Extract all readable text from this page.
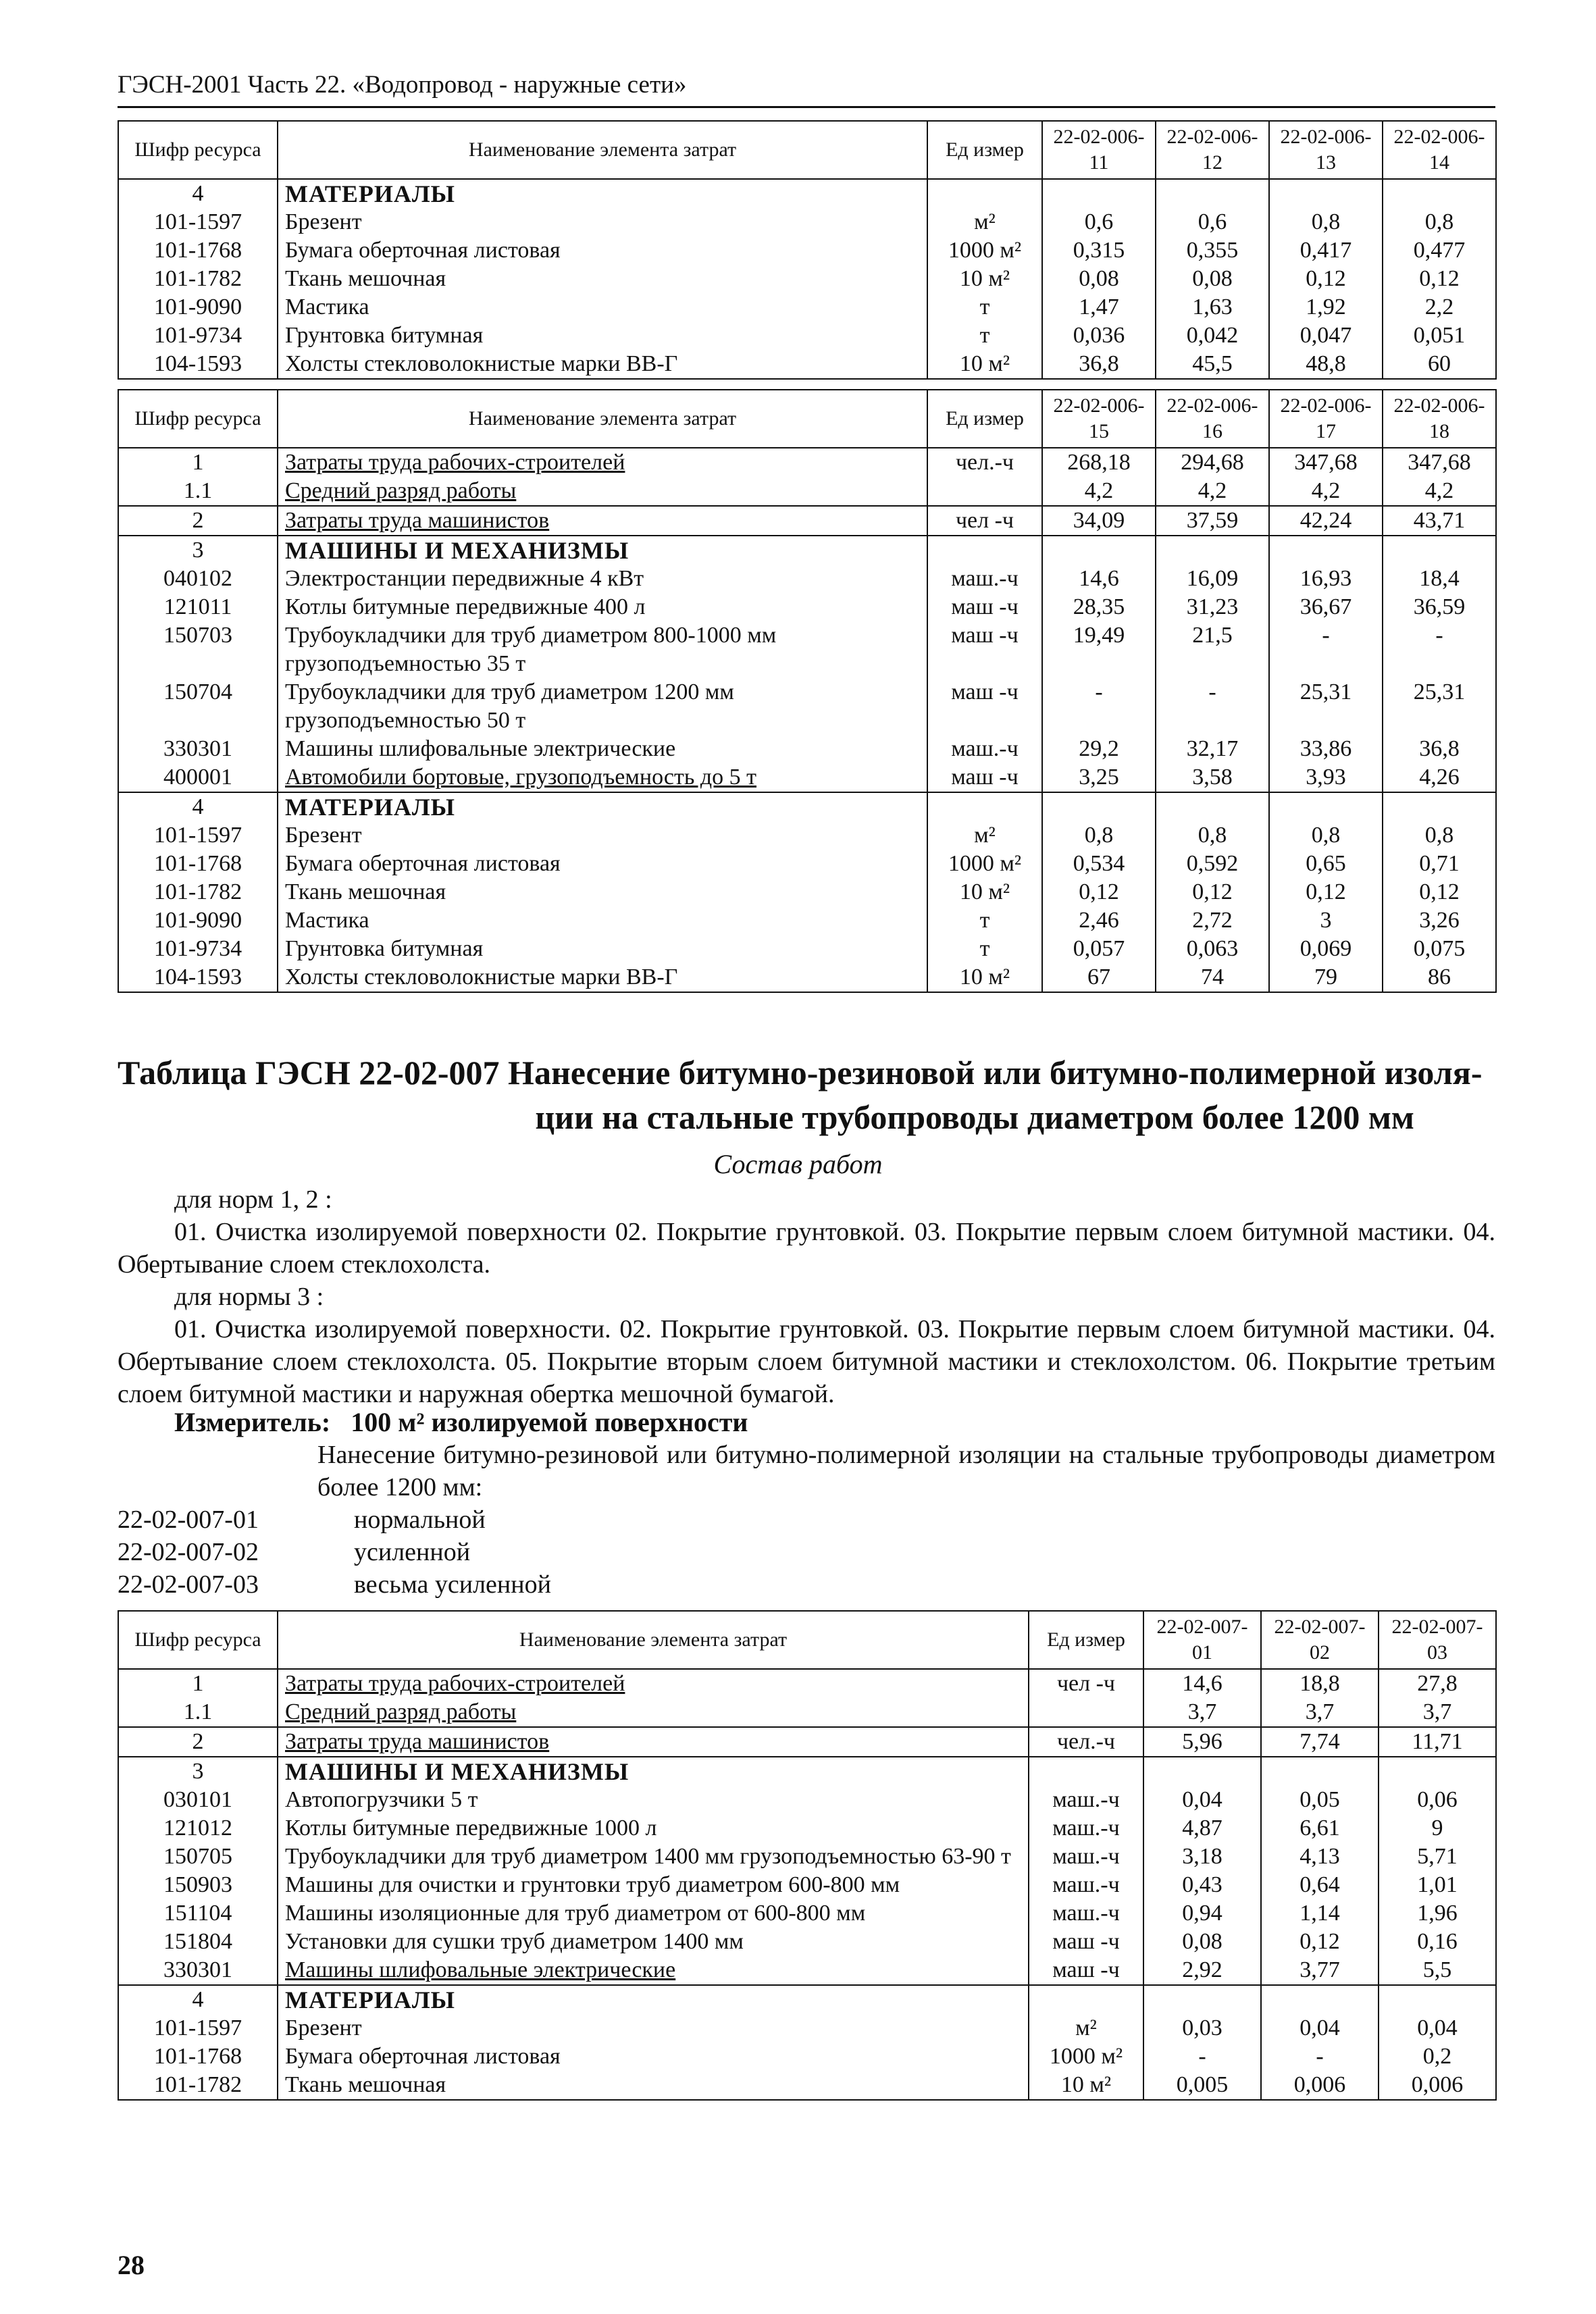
ГЭСН-2001 Часть 22. «Водопровод - наружные сети»
Шифр ресурса	Наименование элемента затрат	Ед измер	22-02-006-11	22-02-006-12	22-02-006-13	22-02-006-14
4	МАТЕРИАЛЫ					
101-1597	Брезент	м²	0,6	0,6	0,8	0,8
101-1768	Бумага оберточная листовая	1000 м²	0,315	0,355	0,417	0,477
101-1782	Ткань мешочная	10 м²	0,08	0,08	0,12	0,12
101-9090	Мастика	т	1,47	1,63	1,92	2,2
101-9734	Грунтовка битумная	т	0,036	0,042	0,047	0,051
104-1593	Холсты стекловолокнистые марки ВВ-Г	10 м²	36,8	45,5	48,8	60
Шифр ресурса	Наименование элемента затрат	Ед измер	22-02-006-15	22-02-006-16	22-02-006-17	22-02-006-18
1	Затраты труда рабочих-строителей	чел.-ч	268,18	294,68	347,68	347,68
1.1	Средний разряд работы		4,2	4,2	4,2	4,2
2	Затраты труда машинистов	чел -ч	34,09	37,59	42,24	43,71
3	МАШИНЫ И МЕХАНИЗМЫ					
040102	Электростанции передвижные 4 кВт	маш.-ч	14,6	16,09	16,93	18,4
121011	Котлы битумные передвижные 400 л	маш -ч	28,35	31,23	36,67	36,59
150703	Трубоукладчики для труб диаметром 800-1000 мм грузоподъемностью 35 т	маш -ч	19,49	21,5	-	-
150704	Трубоукладчики для труб диаметром 1200 мм грузоподъемностью 50 т	маш -ч	-	-	25,31	25,31
330301	Машины шлифовальные электрические	маш.-ч	29,2	32,17	33,86	36,8
400001	Автомобили бортовые, грузоподъемность до 5 т	маш -ч	3,25	3,58	3,93	4,26
4	МАТЕРИАЛЫ					
101-1597	Брезент	м²	0,8	0,8	0,8	0,8
101-1768	Бумага оберточная листовая	1000 м²	0,534	0,592	0,65	0,71
101-1782	Ткань мешочная	10 м²	0,12	0,12	0,12	0,12
101-9090	Мастика	т	2,46	2,72	3	3,26
101-9734	Грунтовка битумная	т	0,057	0,063	0,069	0,075
104-1593	Холсты стекловолокнистые марки ВВ-Г	10 м²	67	74	79	86
Таблица ГЭСН 22-02-007 Нанесение битумно-резиновой или битумно-полимерной изоля-
ции на стальные трубопроводы диаметром более 1200 мм
Состав работ
для норм 1, 2 :
01. Очистка изолируемой поверхности 02. Покрытие грунтовкой. 03. Покрытие первым слоем битумной мастики. 04. Обертывание слоем стеклохолста.
для нормы 3 :
01. Очистка изолируемой поверхности. 02. Покрытие грунтовкой. 03. Покрытие первым слоем битумной мастики. 04. Обертывание слоем стеклохолста. 05. Покрытие вторым слоем битумной мастики и стеклохолстом. 06. Покрытие третьим слоем битумной мастики и наружная обертка мешочной бумагой.
Измеритель: 100 м² изолируемой поверхности
Нанесение битумно-резиновой или битумно-полимерной изоляции на стальные трубопроводы диаметром более 1200 мм:
22-02-007-01	нормальной
22-02-007-02	усиленной
22-02-007-03	весьма усиленной
Шифр ресурса	Наименование элемента затрат	Ед измер	22-02-007-01	22-02-007-02	22-02-007-03
1	Затраты труда рабочих-строителей	чел -ч	14,6	18,8	27,8
1.1	Средний разряд работы		3,7	3,7	3,7
2	Затраты труда машинистов	чел.-ч	5,96	7,74	11,71
3	МАШИНЫ И МЕХАНИЗМЫ				
030101	Автопогрузчики 5 т	маш.-ч	0,04	0,05	0,06
121012	Котлы битумные передвижные 1000 л	маш.-ч	4,87	6,61	9
150705	Трубоукладчики для труб диаметром 1400 мм грузоподъемностью 63-90 т	маш.-ч	3,18	4,13	5,71
150903	Машины для очистки и грунтовки труб диаметром 600-800 мм	маш.-ч	0,43	0,64	1,01
151104	Машины изоляционные для труб диаметром от 600-800 мм	маш.-ч	0,94	1,14	1,96
151804	Установки для сушки труб диаметром 1400 мм	маш -ч	0,08	0,12	0,16
330301	Машины шлифовальные электрические	маш -ч	2,92	3,77	5,5
4	МАТЕРИАЛЫ				
101-1597	Брезент	м²	0,03	0,04	0,04
101-1768	Бумага оберточная листовая	1000 м²	-	-	0,2
101-1782	Ткань мешочная	10 м²	0,005	0,006	0,006
28
